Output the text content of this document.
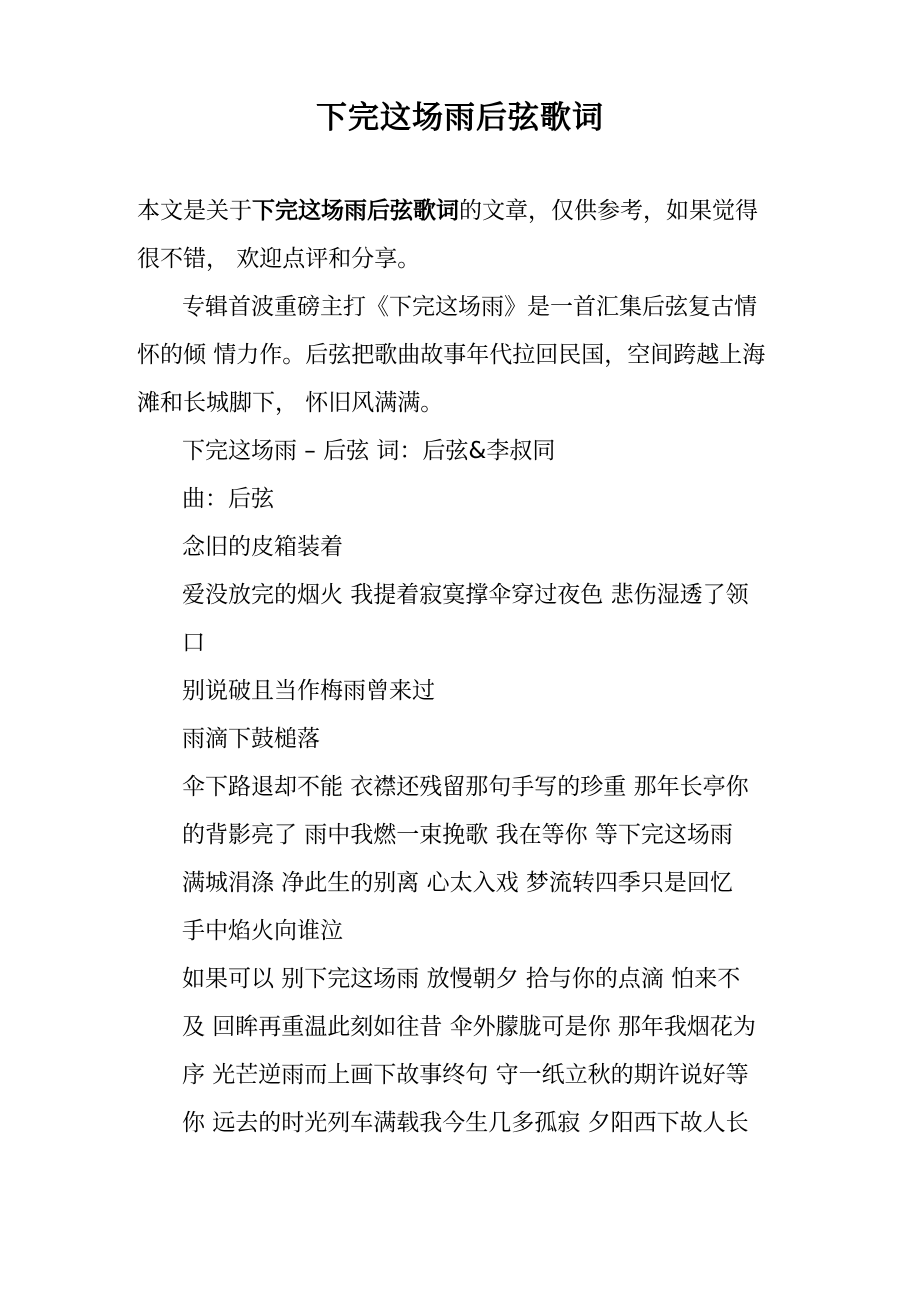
下完这场雨后弦歌词
本文是关于下完这场雨后弦歌词的文章，仅供参考，如果觉得
很不错， 欢迎点评和分享。
专辑首波重磅主打《下完这场雨》是一首汇集后弦复古情
怀的倾 情力作。后弦把歌曲故事年代拉回民国，空间跨越上海
滩和长城脚下， 怀旧风满满。
下完这场雨 – 后弦 词：后弦&李叔同
曲：后弦
念旧的皮箱装着
爱没放完的烟火 我提着寂寞撑伞穿过夜色 悲伤湿透了领
口
别说破且当作梅雨曾来过
雨滴下鼓槌落
伞下路退却不能 衣襟还残留那句手写的珍重 那年长亭你
的背影亮了 雨中我燃一束挽歌 我在等你 等下完这场雨
满城涓涤 净此生的别离 心太入戏 梦流转四季只是回忆
手中焰火向谁泣
如果可以 别下完这场雨 放慢朝夕 拾与你的点滴 怕来不
及 回眸再重温此刻如往昔 伞外朦胧可是你 那年我烟花为
序 光芒逆雨而上画下故事终句 守一纸立秋的期许说好等
你 远去的时光列车满载我今生几多孤寂 夕阳西下故人长
